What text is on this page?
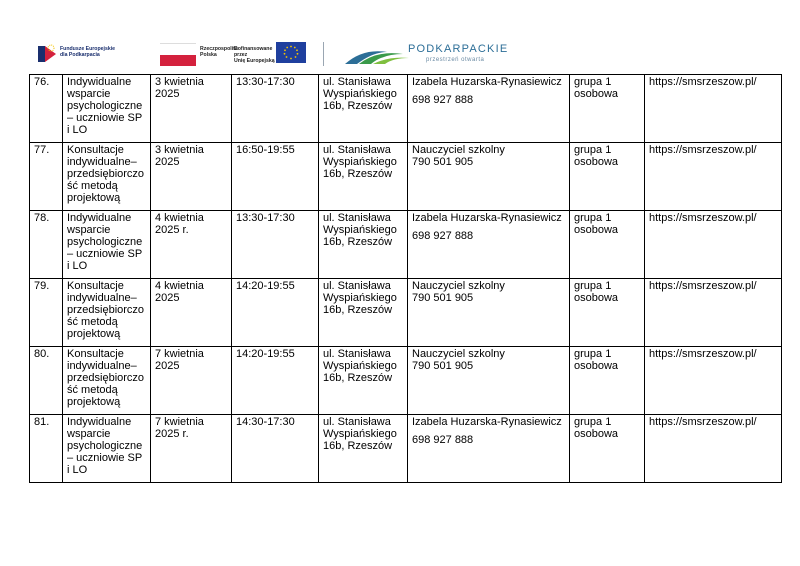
Fundusze Europejskie
dla Podkarpacia
Rzeczpospolita
Polska
Dofinansowane przez
Unię Europejską
PODKARPACKIE
przestrzeń otwarta
76.	Indywidualne wsparcie psychologiczne – uczniowie SP i LO	3 kwietnia 2025	13:30-17:30	ul. Stanisława Wyspiańskiego 16b, Rzeszów	Izabela Huzarska-Rynasiewicz
698 927 888	grupa 1 osobowa	https://smsrzeszow.pl/
77.	Konsultacje indywidualne– przedsiębiorczość metodą projektową	3 kwietnia 2025	16:50-19:55	ul. Stanisława Wyspiańskiego 16b, Rzeszów	Nauczyciel szkolny
790 501 905	grupa 1 osobowa	https://smsrzeszow.pl/
78.	Indywidualne wsparcie psychologiczne – uczniowie SP i LO	4 kwietnia 2025 r.	13:30-17:30	ul. Stanisława Wyspiańskiego 16b, Rzeszów	Izabela Huzarska-Rynasiewicz
698 927 888	grupa 1 osobowa	https://smsrzeszow.pl/
79.	Konsultacje indywidualne– przedsiębiorczość metodą projektową	4 kwietnia 2025	14:20-19:55	ul. Stanisława Wyspiańskiego 16b, Rzeszów	Nauczyciel szkolny
790 501 905	grupa 1 osobowa	https://smsrzeszow.pl/
80.	Konsultacje indywidualne– przedsiębiorczość metodą projektową	7 kwietnia 2025	14:20-19:55	ul. Stanisława Wyspiańskiego 16b, Rzeszów	Nauczyciel szkolny
790 501 905	grupa 1 osobowa	https://smsrzeszow.pl/
81.	Indywidualne wsparcie psychologiczne – uczniowie SP i LO	7 kwietnia 2025 r.	14:30-17:30	ul. Stanisława Wyspiańskiego 16b, Rzeszów	Izabela Huzarska-Rynasiewicz
698 927 888	grupa 1 osobowa	https://smsrzeszow.pl/
